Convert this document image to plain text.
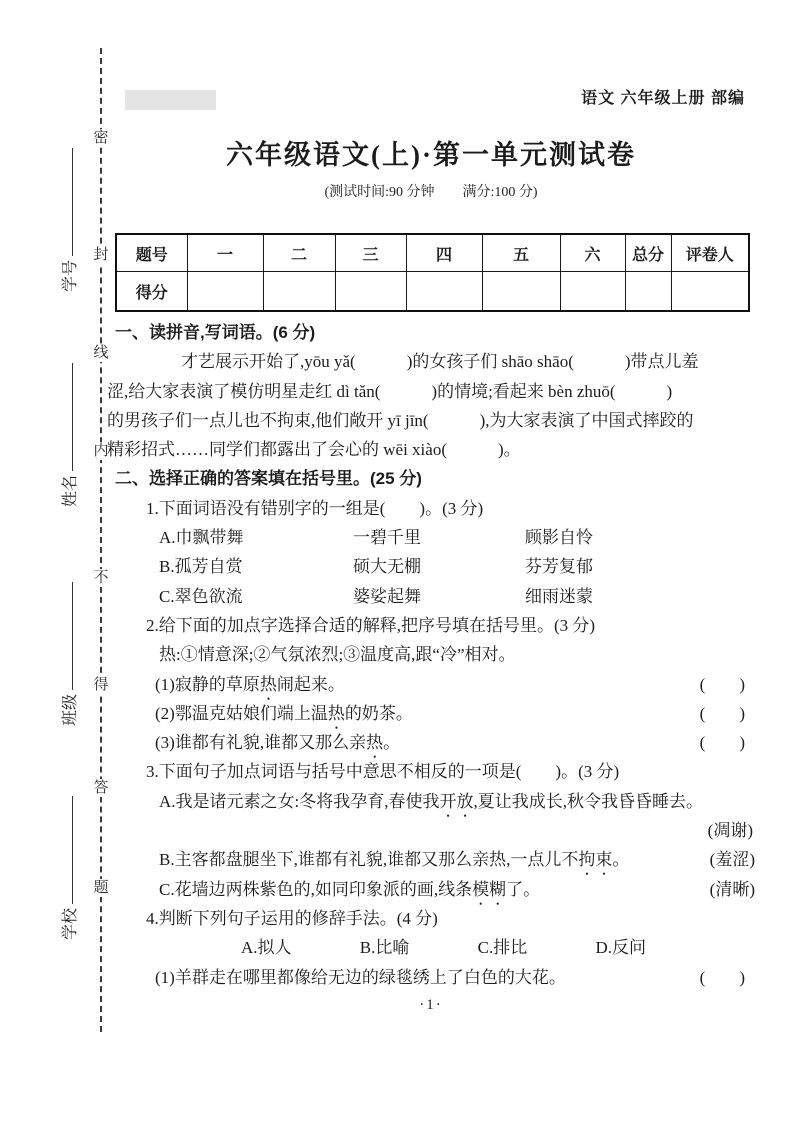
密
封
线
内
不
得
答
题
学号
姓名
班级
学校
语文 六年级上册 部编
六年级语文(上)·第一单元测试卷
(测试时间:90 分钟　　满分:100 分)
题号	一	二	三	四	五	六	总分	评卷人
得分								
一、读拼音,写词语。(6 分)
才艺展示开始了,yōu yǎ(　　　)的女孩子们 shāo shāo(　　　)带点儿羞
涩,给大家表演了模仿明星走红 dì tǎn(　　　)的情境;看起来 bèn zhuō(　　　)
的男孩子们一点儿也不拘束,他们敞开 yī jīn(　　　),为大家表演了中国式摔跤的
精彩招式……同学们都露出了会心的 wēi xiào(　　　)。
二、选择正确的答案填在括号里。(25 分)
1.下面词语没有错别字的一组是(　　)。(3 分)
A.巾飘带舞	一碧千里	顾影自怜
B.孤芳自赏	硕大无棚	芬芳复郁
C.翠色欲流	婆娑起舞	细雨迷蒙
2.给下面的加点字选择合适的解释,把序号填在括号里。(3 分)
热:①情意深;②气氛浓烈;③温度高,跟“冷”相对。
(1)寂静的草原热闹起来。	(　　)
(2)鄂温克姑娘们端上温热的奶茶。	(　　)
(3)谁都有礼貌,谁都又那么亲热。	(　　)
3.下面句子加点词语与括号中意思不相反的一项是(　　)。(3 分)
A.我是诸元素之女:冬将我孕育,春使我开放,夏让我成长,秋令我昏昏睡去。
(凋谢)
B.主客都盘腿坐下,谁都有礼貌,谁都又那么亲热,一点儿不拘束。	(羞涩)
C.花墙边两株紫色的,如同印象派的画,线条模糊了。	(清晰)
4.判断下列句子运用的修辞手法。(4 分)
A.拟人	B.比喻	C.排比	D.反问
(1)羊群走在哪里都像给无边的绿毯绣上了白色的大花。	(　　)
·1·
